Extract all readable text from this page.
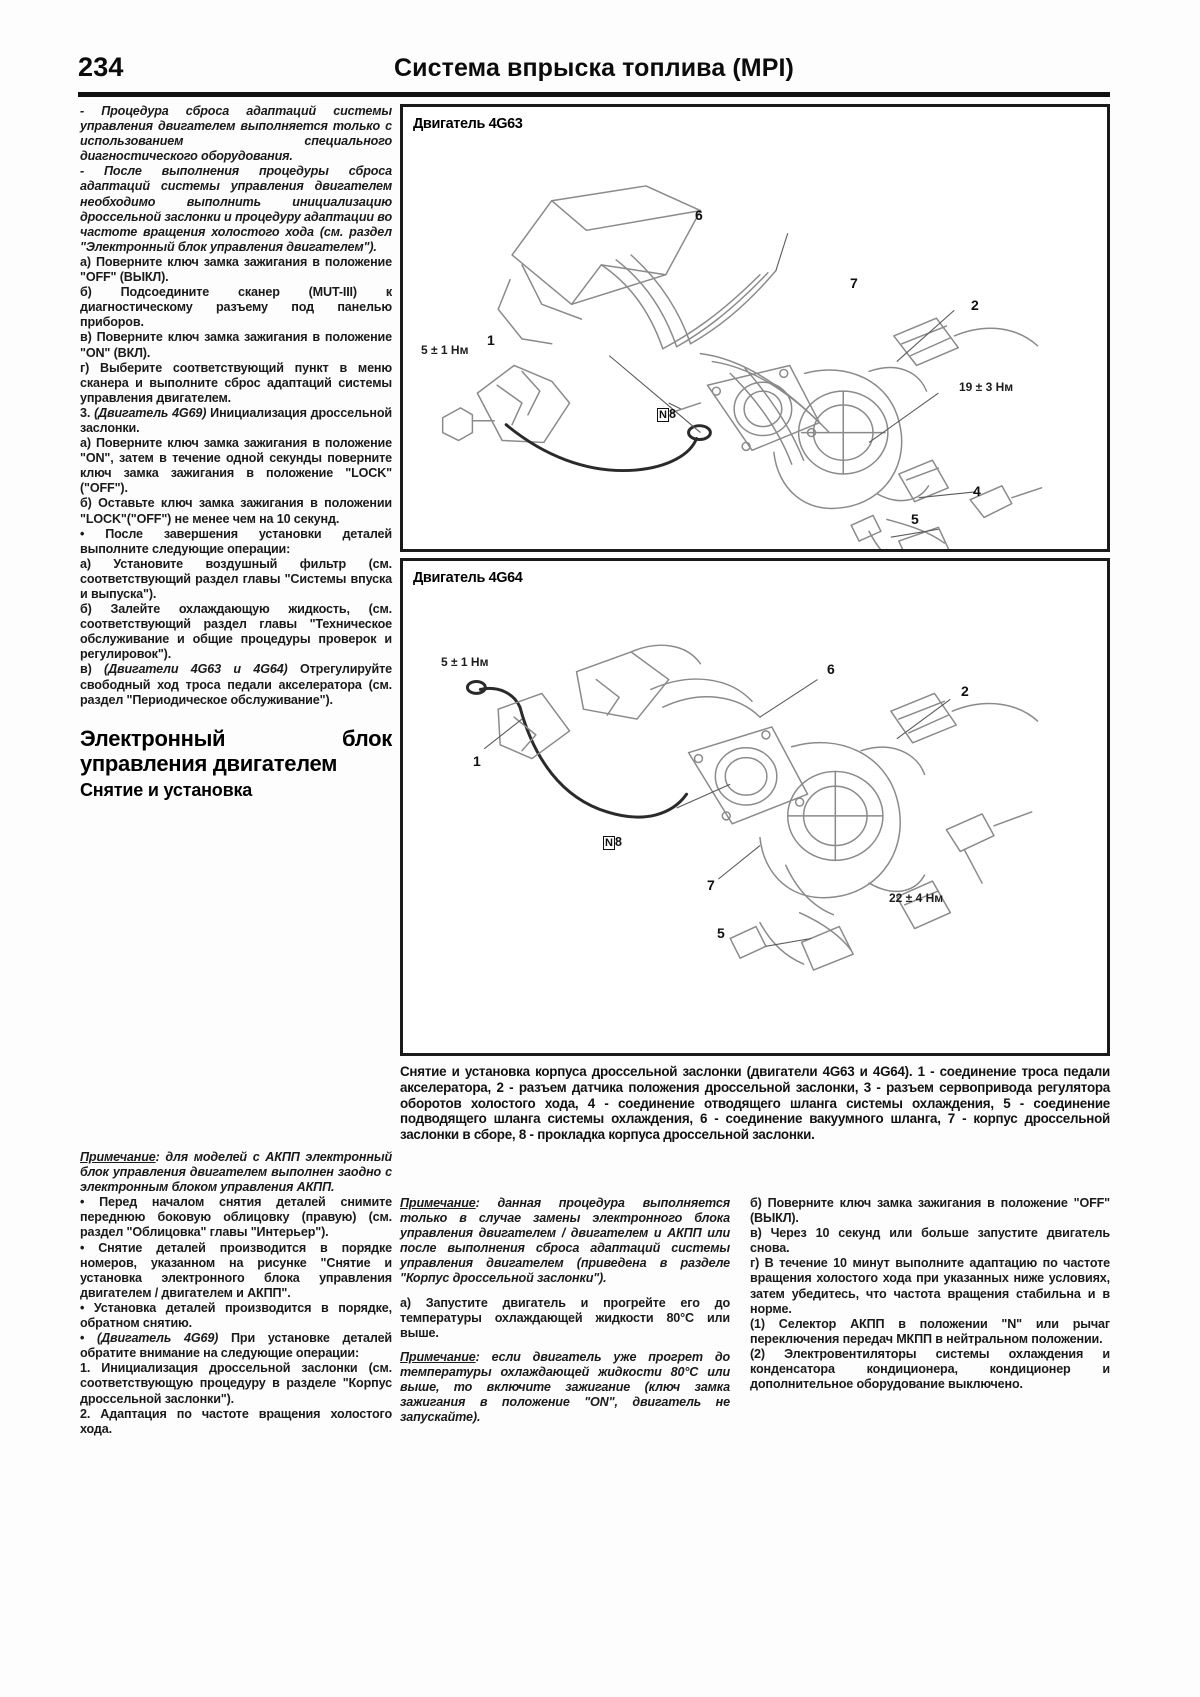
234	Система впрыска топлива (MPI)

- Процедура сброса адаптаций системы управления двигателем выполняется только с использованием специального диагностического оборудования.

- После выполнения процедуры сброса адаптаций системы управления двигателем необходимо выполнить инициализацию дроссельной заслонки и процедуру адаптации во частоте вращения холостого хода (см. раздел "Электронный блок управления двигателем").

а) Поверните ключ замка зажигания в положение "OFF" (ВЫКЛ).

б) Подсоедините сканер (MUT-III) к диагностическому разъему под панелью приборов.

в) Поверните ключ замка зажигания в положение "ON" (ВКЛ).

г) Выберите соответствующий пункт в меню сканера и выполните сброс адаптаций системы управления двигателем.

3. (Двигатель 4G69) Инициализация дроссельной заслонки.

а) Поверните ключ замка зажигания в положение "ON", затем в течение одной секунды поверните ключ замка зажигания в положение "LOCK"("OFF").

б) Оставьте ключ замка зажигания в положении "LOCK"("OFF") не менее чем на 10 секунд.

• После завершения установки деталей выполните следующие операции:

а) Установите воздушный фильтр (см. соответствующий раздел главы "Системы впуска и выпуска").

б) Залейте охлаждающую жидкость, (см. соответствующий раздел главы "Техническое обслуживание и общие процедуры проверок и регулировок").

в) (Двигатели 4G63 и 4G64) Отрегулируйте свободный ход троса педали акселератора (см. раздел "Периодическое обслуживание").

Электронный блок управления двигателем
Снятие и установка
Двигатель 4G63
6
7
2
1
4
5
5 ± 1 Нм
19 ± 3 Нм
N 8
Двигатель 4G64
6
2
1
7
5
5 ± 1 Нм
22 ± 4 Нм
N 8
Снятие и установка корпуса дроссельной заслонки (двигатели 4G63 и 4G64). 1 - соединение троса педали акселератора, 2 - разъем датчика положения дроссельной заслонки, 3 - разъем сервопривода регулятора оборотов холостого хода, 4 - соединение отводящего шланга системы охлаждения, 5 - соединение подводящего шланга системы охлаждения, 6 - соединение вакуумного шланга, 7 - корпус дроссельной заслонки в сборе, 8 - прокладка корпуса дроссельной заслонки.

Примечание: для моделей с АКПП электронный блок управления двигателем выполнен заодно с электронным блоком управления АКПП.

• Перед началом снятия деталей снимите переднюю боковую облицовку (правую) (см. раздел "Облицовка" главы "Интерьер").

• Снятие деталей производится в порядке номеров, указанном на рисунке "Снятие и установка электронного блока управления двигателем / двигателем и АКПП".

• Установка деталей производится в порядке, обратном снятию.

• (Двигатель 4G69) При установке деталей обратите внимание на следующие операции:

1. Инициализация дроссельной заслонки (см. соответствующую процедуру в разделе "Корпус дроссельной заслонки").

2. Адаптация по частоте вращения холостого хода.

Примечание: данная процедура выполняется только в случае замены электронного блока управления двигателем / двигателем и АКПП или после выполнения сброса адаптаций системы управления двигателем (приведена в разделе "Корпус дроссельной заслонки").

а) Запустите двигатель и прогрейте его до температуры охлаждающей жидкости 80°С или выше.

Примечание: если двигатель уже прогрет до температуры охлаждающей жидкости 80°С или выше, то включите зажигание (ключ замка зажигания в положение "ON", двигатель не запускайте).

б) Поверните ключ замка зажигания в положение "OFF" (ВЫКЛ).

в) Через 10 секунд или больше запустите двигатель снова.

г) В течение 10 минут выполните адаптацию по частоте вращения холостого хода при указанных ниже условиях, затем убедитесь, что частота вращения стабильна и в норме.

(1) Селектор АКПП в положении "N" или рычаг переключения передач МКПП в нейтральном положении.

(2) Электровентиляторы системы охлаждения и конденсатора кондиционера, кондиционер и дополнительное оборудование выключено.
